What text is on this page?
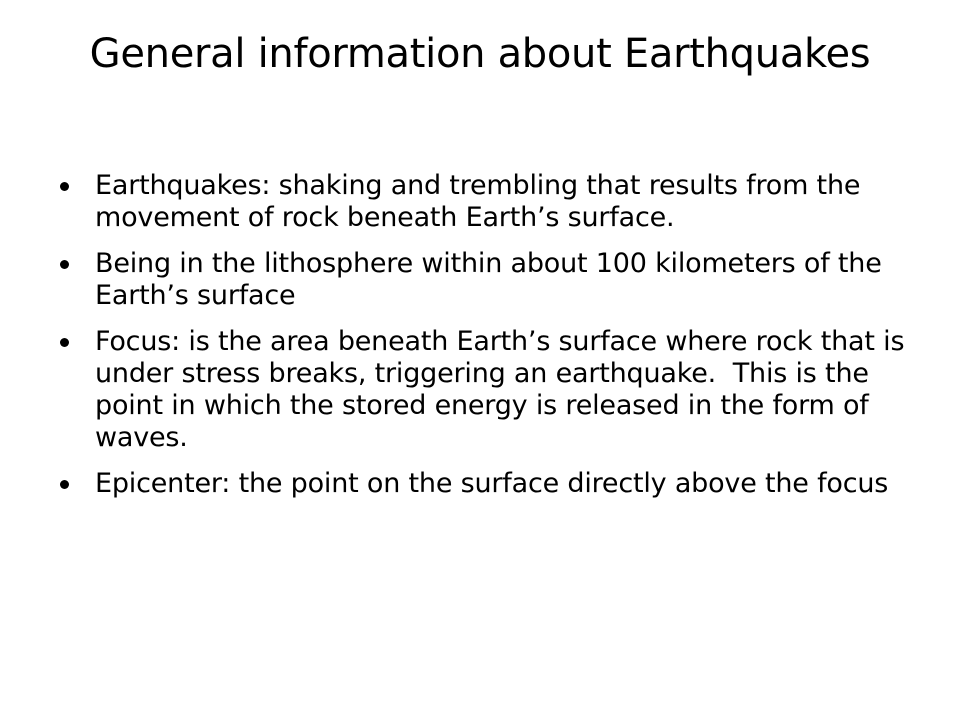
General information about Earthquakes
Earthquakes: shaking and trembling that results from the movement of rock beneath Earth’s surface.
Being in the lithosphere within about 100 kilometers of the Earth’s surface
Focus: is the area beneath Earth’s surface where rock that is under stress breaks, triggering an earthquake.  This is the point in which the stored energy is released in the form of waves.
Epicenter: the point on the surface directly above the focus
